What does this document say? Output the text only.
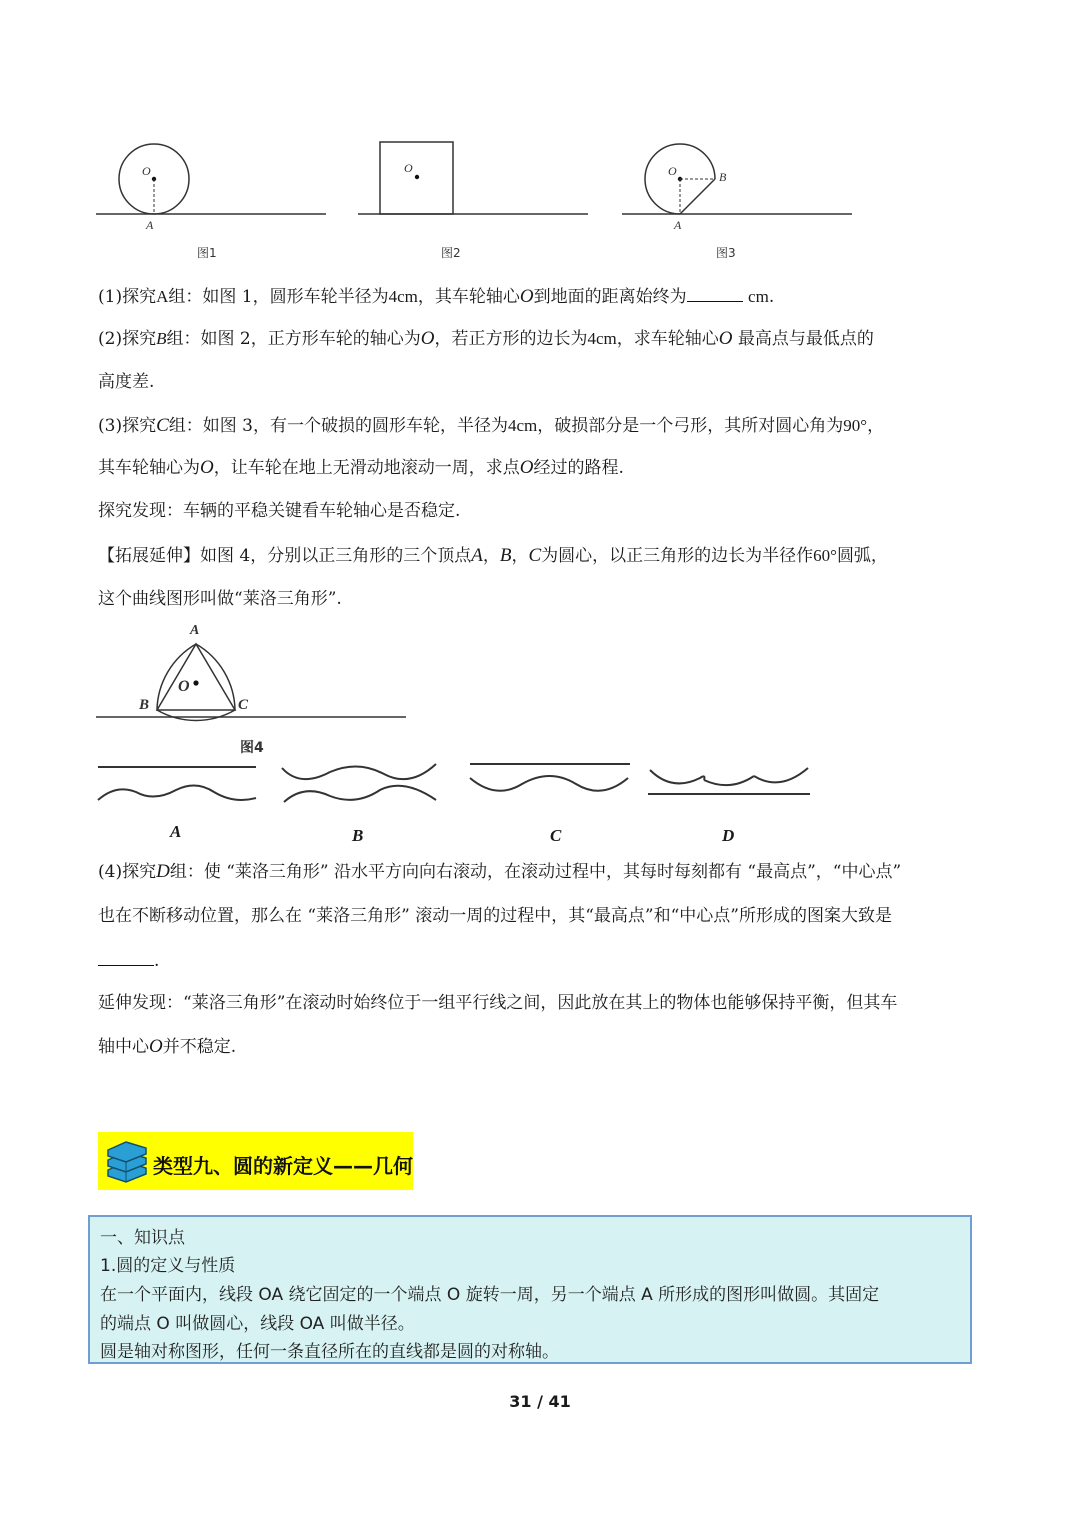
O
A
图1
O
图2
O	B
A
图3
(1)探究A组：如图 1，圆形车轮半径为4cm，其车轮轴心O到地面的距离始终为	cm.
(2)探究B组：如图 2，正方形车轮的轴心为O，若正方形的边长为4cm，求车轮轴心O 最高点与最低点的
高度差.
(3)探究C组：如图 3，有一个破损的圆形车轮，半径为4cm，破损部分是一个弓形，其所对圆心角为90°，
其车轮轴心为O，让车轮在地上无滑动地滚动一周，求点O经过的路程.
探究发现：车辆的平稳关键看车轮轴心是否稳定.
【拓展延伸】如图 4，分别以正三角形的三个顶点A，B，C为圆心，以正三角形的边长为半径作60°圆弧，
这个曲线图形叫做“莱洛三角形”.
A
O
B	C
图4
A	B	C	D
(4)探究D组：使 “莱洛三角形” 沿水平方向向右滚动，在滚动过程中，其每时每刻都有 “最高点”，“中心点”
也在不断移动位置，那么在 “莱洛三角形” 滚动一周的过程中，其“最高点”和“中心点”所形成的图案大致是
.
延伸发现：“莱洛三角形”在滚动时始终位于一组平行线之间，因此放在其上的物体也能够保持平衡，但其车
轴中心O并不稳定.
类型九、圆的新定义——几何
一、知识点
1.圆的定义与性质
在一个平面内，线段 OA 绕它固定的一个端点 O 旋转一周，另一个端点 A 所形成的图形叫做圆。其固定
的端点 O 叫做圆心，线段 OA 叫做半径。
圆是轴对称图形，任何一条直径所在的直线都是圆的对称轴。
31 / 41
